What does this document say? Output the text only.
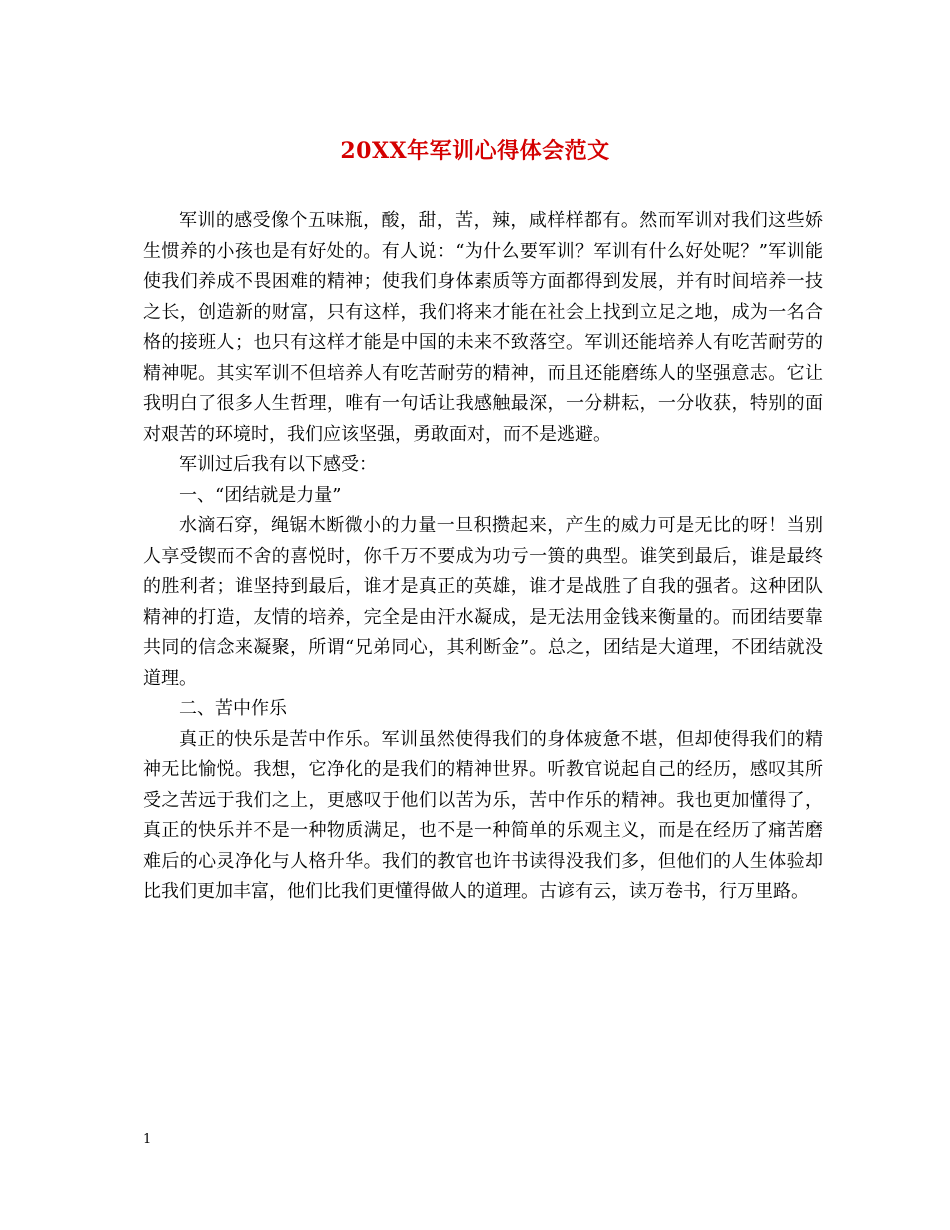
20XX年军训心得体会范文

军训的感受像个五味瓶，酸，甜，苦，辣，咸样样都有。然而军训对我们这些娇生惯养的小孩也是有好处的。有人说：“为什么要军训？军训有什么好处呢？”军训能使我们养成不畏困难的精神；使我们身体素质等方面都得到发展，并有时间培养一技之长，创造新的财富，只有这样，我们将来才能在社会上找到立足之地，成为一名合格的接班人；也只有这样才能是中国的未来不致落空。军训还能培养人有吃苦耐劳的精神呢。其实军训不但培养人有吃苦耐劳的精神，而且还能磨练人的坚强意志。它让我明白了很多人生哲理，唯有一句话让我感触最深，一分耕耘，一分收获，特别的面对艰苦的环境时，我们应该坚强，勇敢面对，而不是逃避。

军训过后我有以下感受：

一、“团结就是力量”

水滴石穿，绳锯木断微小的力量一旦积攒起来，产生的威力可是无比的呀！当别人享受锲而不舍的喜悦时，你千万不要成为功亏一篑的典型。谁笑到最后，谁是最终的胜利者；谁坚持到最后，谁才是真正的英雄，谁才是战胜了自我的强者。这种团队精神的打造，友情的培养，完全是由汗水凝成，是无法用金钱来衡量的。而团结要靠共同的信念来凝聚，所谓“兄弟同心，其利断金”。总之，团结是大道理，不团结就没道理。

二、苦中作乐

真正的快乐是苦中作乐。军训虽然使得我们的身体疲惫不堪，但却使得我们的精神无比愉悦。我想，它净化的是我们的精神世界。听教官说起自己的经历，感叹其所受之苦远于我们之上，更感叹于他们以苦为乐，苦中作乐的精神。我也更加懂得了，真正的快乐并不是一种物质满足，也不是一种简单的乐观主义，而是在经历了痛苦磨难后的心灵净化与人格升华。我们的教官也许书读得没我们多，但他们的人生体验却比我们更加丰富，他们比我们更懂得做人的道理。古谚有云，读万卷书，行万里路。

1
